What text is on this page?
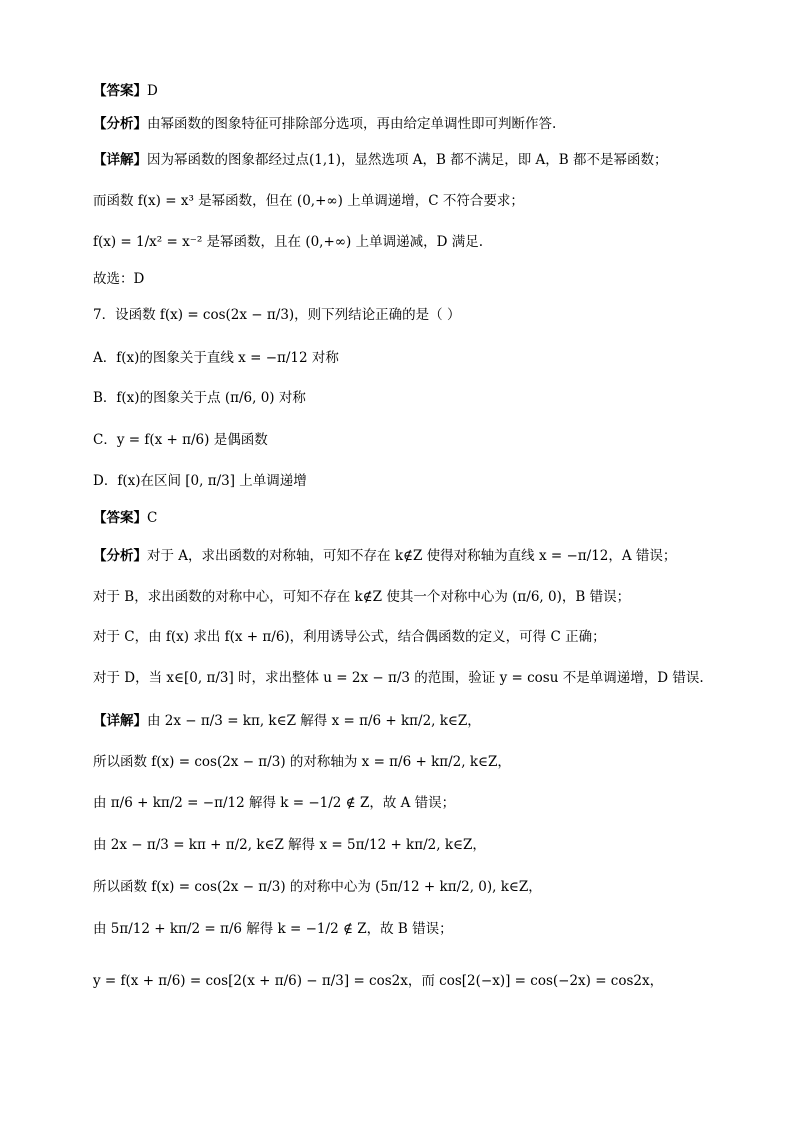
【答案】D
【分析】由幂函数的图象特征可排除部分选项，再由给定单调性即可判断作答.
【详解】因为幂函数的图象都经过点(1,1)，显然选项 A，B 都不满足，即 A，B 都不是幂函数；
而函数 f(x) = x³ 是幂函数，但在 (0,+∞) 上单调递增，C 不符合要求；
f(x) = 1/x² = x⁻² 是幂函数，且在 (0,+∞) 上单调递减，D 满足.
故选：D
7．设函数 f(x) = cos(2x − π/3)，则下列结论正确的是（ ）
A．f(x)的图象关于直线 x = −π/12 对称
B．f(x)的图象关于点 (π/6, 0) 对称
C．y = f(x + π/6) 是偶函数
D．f(x)在区间 [0, π/3] 上单调递增
【答案】C
【分析】对于 A，求出函数的对称轴，可知不存在 k∉Z 使得对称轴为直线 x = −π/12，A 错误；
对于 B，求出函数的对称中心，可知不存在 k∉Z 使其一个对称中心为 (π/6, 0)，B 错误；
对于 C，由 f(x) 求出 f(x + π/6)，利用诱导公式，结合偶函数的定义，可得 C 正确；
对于 D，当 x∈[0, π/3] 时，求出整体 u = 2x − π/3 的范围，验证 y = cosu 不是单调递增，D 错误.
【详解】由 2x − π/3 = kπ, k∈Z 解得 x = π/6 + kπ/2, k∈Z，
所以函数 f(x) = cos(2x − π/3) 的对称轴为 x = π/6 + kπ/2, k∈Z，
由 π/6 + kπ/2 = −π/12 解得 k = −1/2 ∉ Z，故 A 错误；
由 2x − π/3 = kπ + π/2, k∈Z 解得 x = 5π/12 + kπ/2, k∈Z，
所以函数 f(x) = cos(2x − π/3) 的对称中心为 (5π/12 + kπ/2, 0), k∈Z，
由 5π/12 + kπ/2 = π/6 解得 k = −1/2 ∉ Z，故 B 错误；
y = f(x + π/6) = cos[2(x + π/6) − π/3] = cos2x，而 cos[2(−x)] = cos(−2x) = cos2x，
